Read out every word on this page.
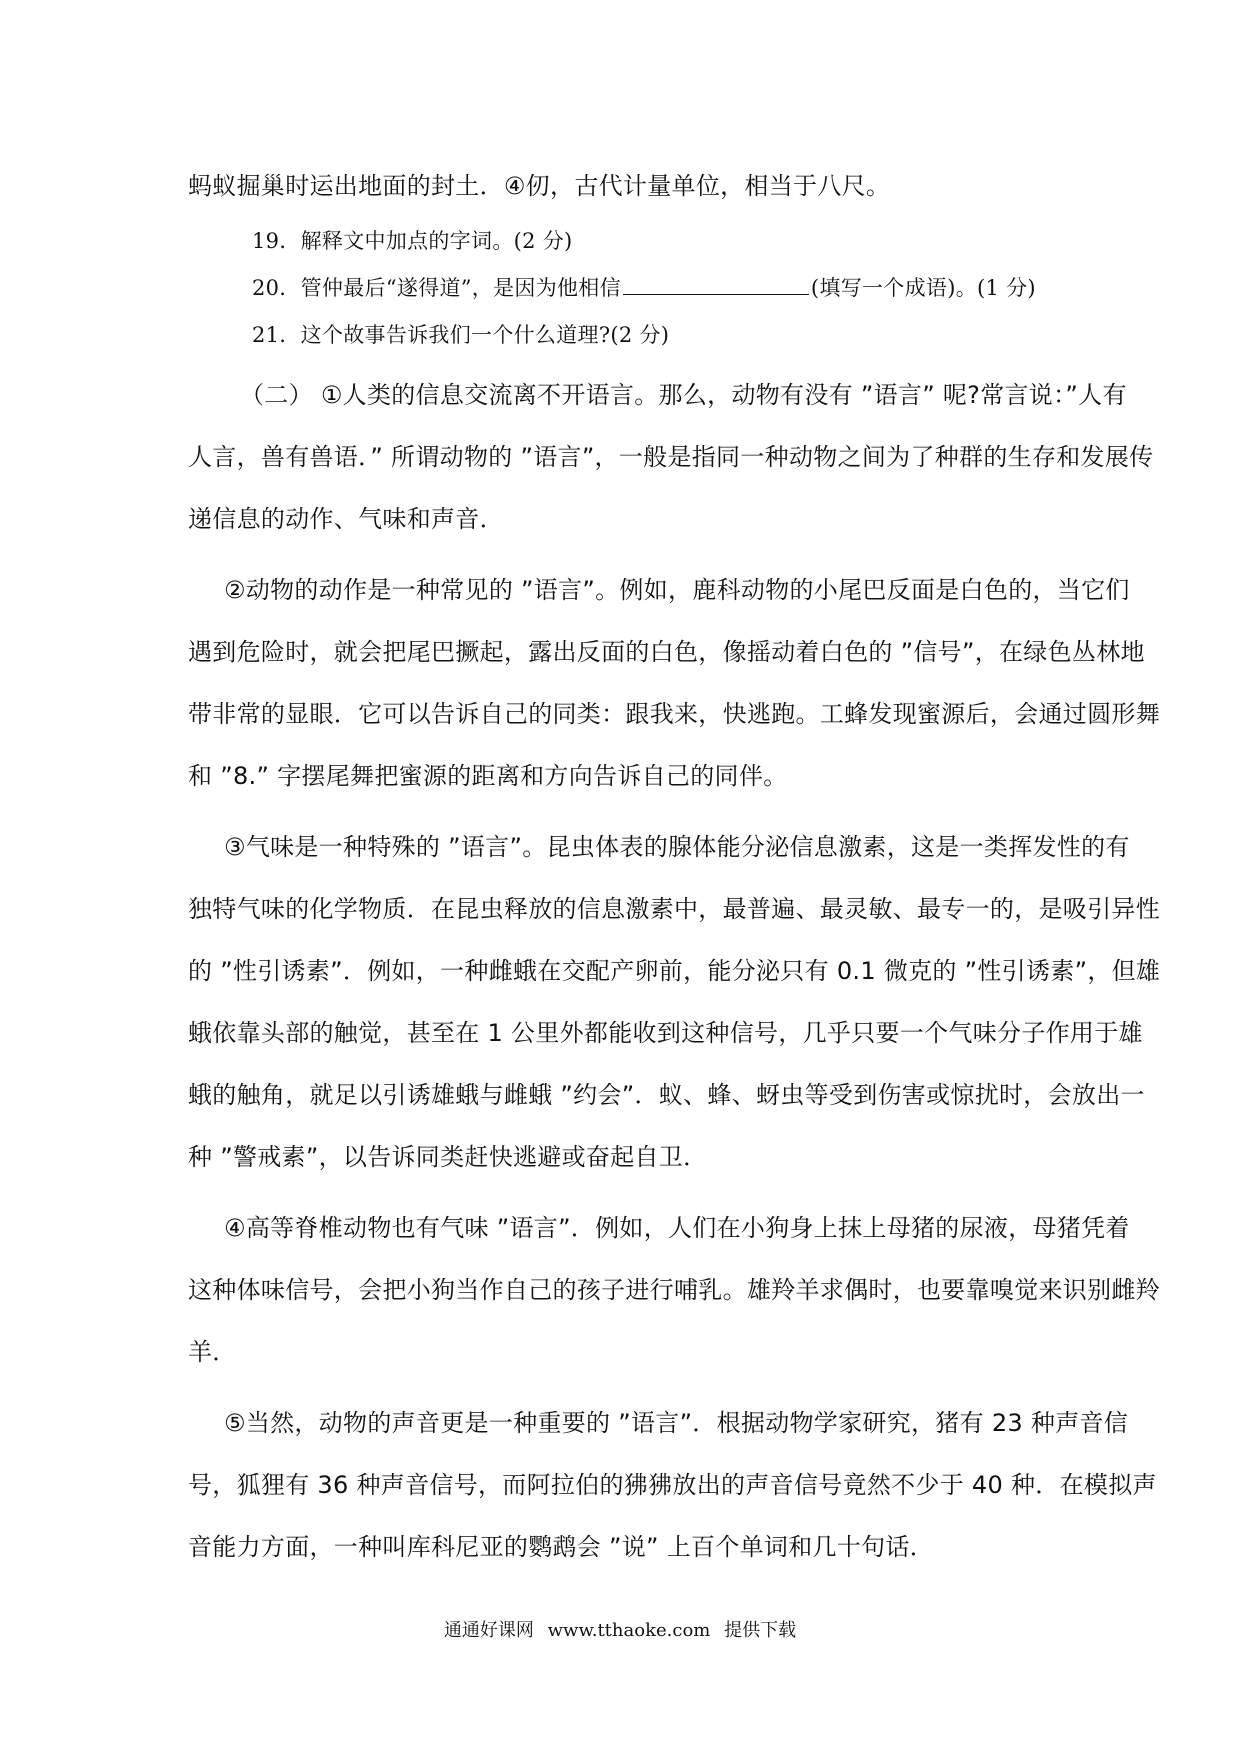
蚂蚁掘巢时运出地面的封土．④仞，古代计量单位，相当于八尺。
19．解释文中加点的字词。(2 分)
20．管仲最后“遂得道”，是因为他相信	(填写一个成语)。(1 分)
21．这个故事告诉我们一个什么道理?(2 分)
（二） ①人类的信息交流离不开语言。那么，动物有没有 ”语言” 呢?常言说：”人有
人言，兽有兽语．” 所谓动物的 ”语言”，一般是指同一种动物之间为了种群的生存和发展传
递信息的动作、气味和声音．
②动物的动作是一种常见的 ”语言”。例如，鹿科动物的小尾巴反面是白色的，当它们
遇到危险时，就会把尾巴撅起，露出反面的白色，像摇动着白色的 ”信号”，在绿色丛林地
带非常的显眼．它可以告诉自己的同类：跟我来，快逃跑。工蜂发现蜜源后，会通过圆形舞
和 ”8.” 字摆尾舞把蜜源的距离和方向告诉自己的同伴。
③气味是一种特殊的 ”语言”。昆虫体表的腺体能分泌信息激素，这是一类挥发性的有
独特气味的化学物质．在昆虫释放的信息激素中，最普遍、最灵敏、最专一的，是吸引异性
的 ”性引诱素”．例如，一种雌蛾在交配产卵前，能分泌只有 0.1 微克的 ”性引诱素”，但雄
蛾依靠头部的触觉，甚至在 1 公里外都能收到这种信号，几乎只要一个气味分子作用于雄
蛾的触角，就足以引诱雄蛾与雌蛾 ”约会”．蚁、蜂、蚜虫等受到伤害或惊扰时，会放出一
种 ”警戒素”，以告诉同类赶快逃避或奋起自卫．
④高等脊椎动物也有气味 ”语言”．例如，人们在小狗身上抹上母猪的尿液，母猪凭着
这种体味信号，会把小狗当作自己的孩子进行哺乳。雄羚羊求偶时，也要靠嗅觉来识别雌羚
羊．
⑤当然，动物的声音更是一种重要的 ”语言”．根据动物学家研究，猪有 23 种声音信
号，狐狸有 36 种声音信号，而阿拉伯的狒狒放出的声音信号竟然不少于 40 种．在模拟声
音能力方面，一种叫库科尼亚的鹦鹉会 ”说” 上百个单词和几十句话．
通通好课网 www.tthaoke.com 提供下载
